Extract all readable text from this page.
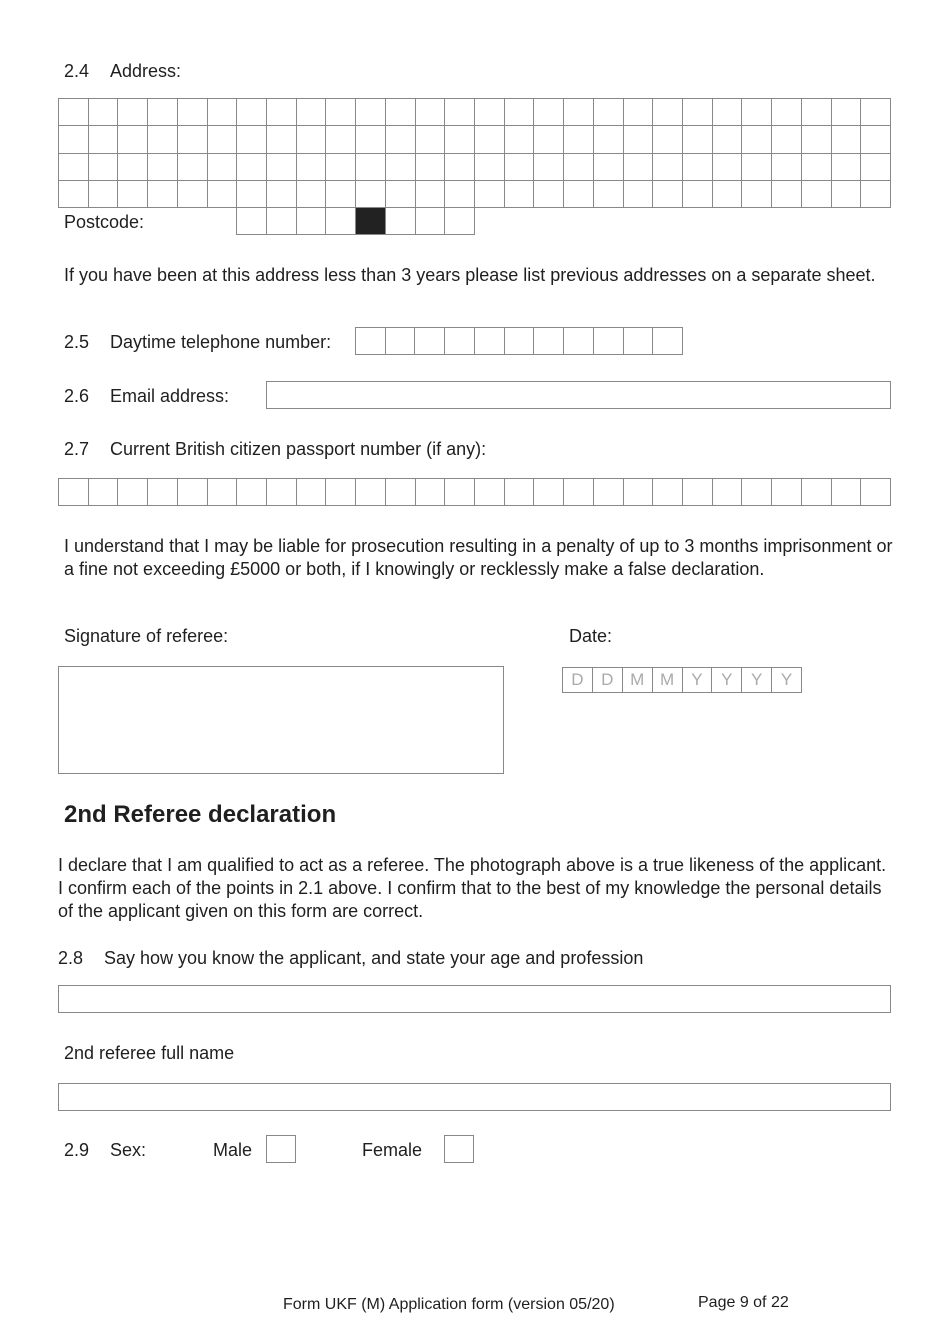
2.4 Address:
Postcode:
If you have been at this address less than 3 years please list previous addresses on a separate sheet.
2.5 Daytime telephone number:
2.6 Email address:
2.7 Current British citizen passport number (if any):
I understand that I may be liable for prosecution resulting in a penalty of up to 3 months imprisonment or a fine not exceeding £5000 or both, if I knowingly or recklessly make a false declaration.
Signature of referee:	Date:
D	D M M	Y	Y	Y	Y
2nd Referee declaration
I declare that I am qualified to act as a referee. The photograph above is a true likeness of the applicant. I confirm each of the points in 2.1 above. I confirm that to the best of my knowledge the personal details of the applicant given on this form are correct.
2.8 Say how you know the applicant, and state your age and profession
2nd referee full name
2.9 Sex:	Male	Female
Form UKF (M) Application form (version 05/20)	Page 9 of 22
